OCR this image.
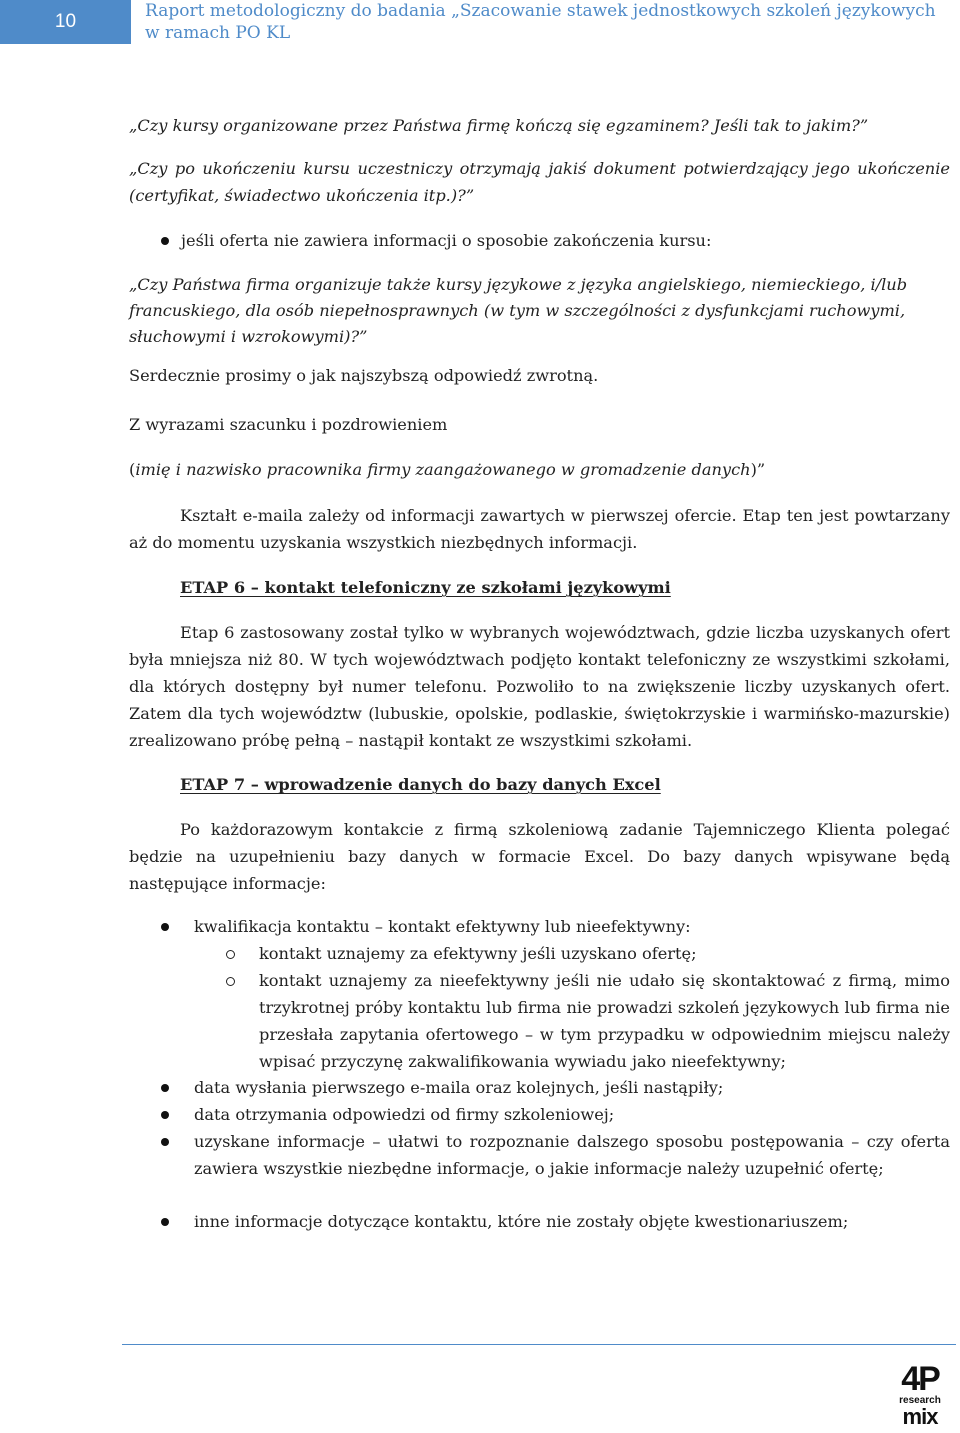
10	Raport metodologiczny do badania „Szacowanie stawek jednostkowych szkoleń językowych w ramach PO KL

„Czy kursy organizowane przez Państwa firmę kończą się egzaminem? Jeśli tak to jakim?”

„Czy po ukończeniu kursu uczestniczy otrzymają jakiś dokument potwierdzający jego ukończenie (certyfikat, świadectwo ukończenia itp.)?”

jeśli oferta nie zawiera informacji o sposobie zakończenia kursu:

„Czy Państwa firma organizuje także kursy językowe z języka angielskiego, niemieckiego, i/lub francuskiego, dla osób niepełnosprawnych (w tym w szczególności z dysfunkcjami ruchowymi, słuchowymi i wzrokowymi)?”

Serdecznie prosimy o jak najszybszą odpowiedź zwrotną.

Z wyrazami szacunku i pozdrowieniem

(imię i nazwisko pracownika firmy zaangażowanego w gromadzenie danych)”

Kształt e-maila zależy od informacji zawartych w pierwszej ofercie. Etap ten jest powtarzany aż do momentu uzyskania wszystkich niezbędnych informacji.

ETAP 6 – kontakt telefoniczny ze szkołami językowymi

Etap 6 zastosowany został tylko w wybranych województwach, gdzie liczba uzyskanych ofert była mniejsza niż 80. W tych województwach podjęto kontakt telefoniczny ze wszystkimi szkołami, dla których dostępny był numer telefonu. Pozwoliło to na zwiększenie liczby uzyskanych ofert. Zatem dla tych województw (lubuskie, opolskie, podlaskie, świętokrzyskie i warmińsko-mazurskie) zrealizowano próbę pełną – nastąpił kontakt ze wszystkimi szkołami.

ETAP 7 – wprowadzenie danych do bazy danych Excel

Po każdorazowym kontakcie z firmą szkoleniową zadanie Tajemniczego Klienta polegać będzie na uzupełnieniu bazy danych w formacie Excel. Do bazy danych wpisywane będą następujące informacje:

kwalifikacja kontaktu – kontakt efektywny lub nieefektywny:

kontakt uznajemy za efektywny jeśli uzyskano ofertę;

kontakt uznajemy za nieefektywny jeśli nie udało się skontaktować z firmą, mimo trzykrotnej próby kontaktu lub firma nie prowadzi szkoleń językowych lub firma nie przesłała zapytania ofertowego – w tym przypadku w odpowiednim miejscu należy wpisać przyczynę zakwalifikowania wywiadu jako nieefektywny;

data wysłania pierwszego e-maila oraz kolejnych, jeśli nastąpiły;

data otrzymania odpowiedzi od firmy szkoleniowej;

uzyskane informacje – ułatwi to rozpoznanie dalszego sposobu postępowania – czy oferta zawiera wszystkie niezbędne informacje, o jakie informacje należy uzupełnić ofertę;

inne informacje dotyczące kontaktu, które nie zostały objęte kwestionariuszem;

4P
research
mix
